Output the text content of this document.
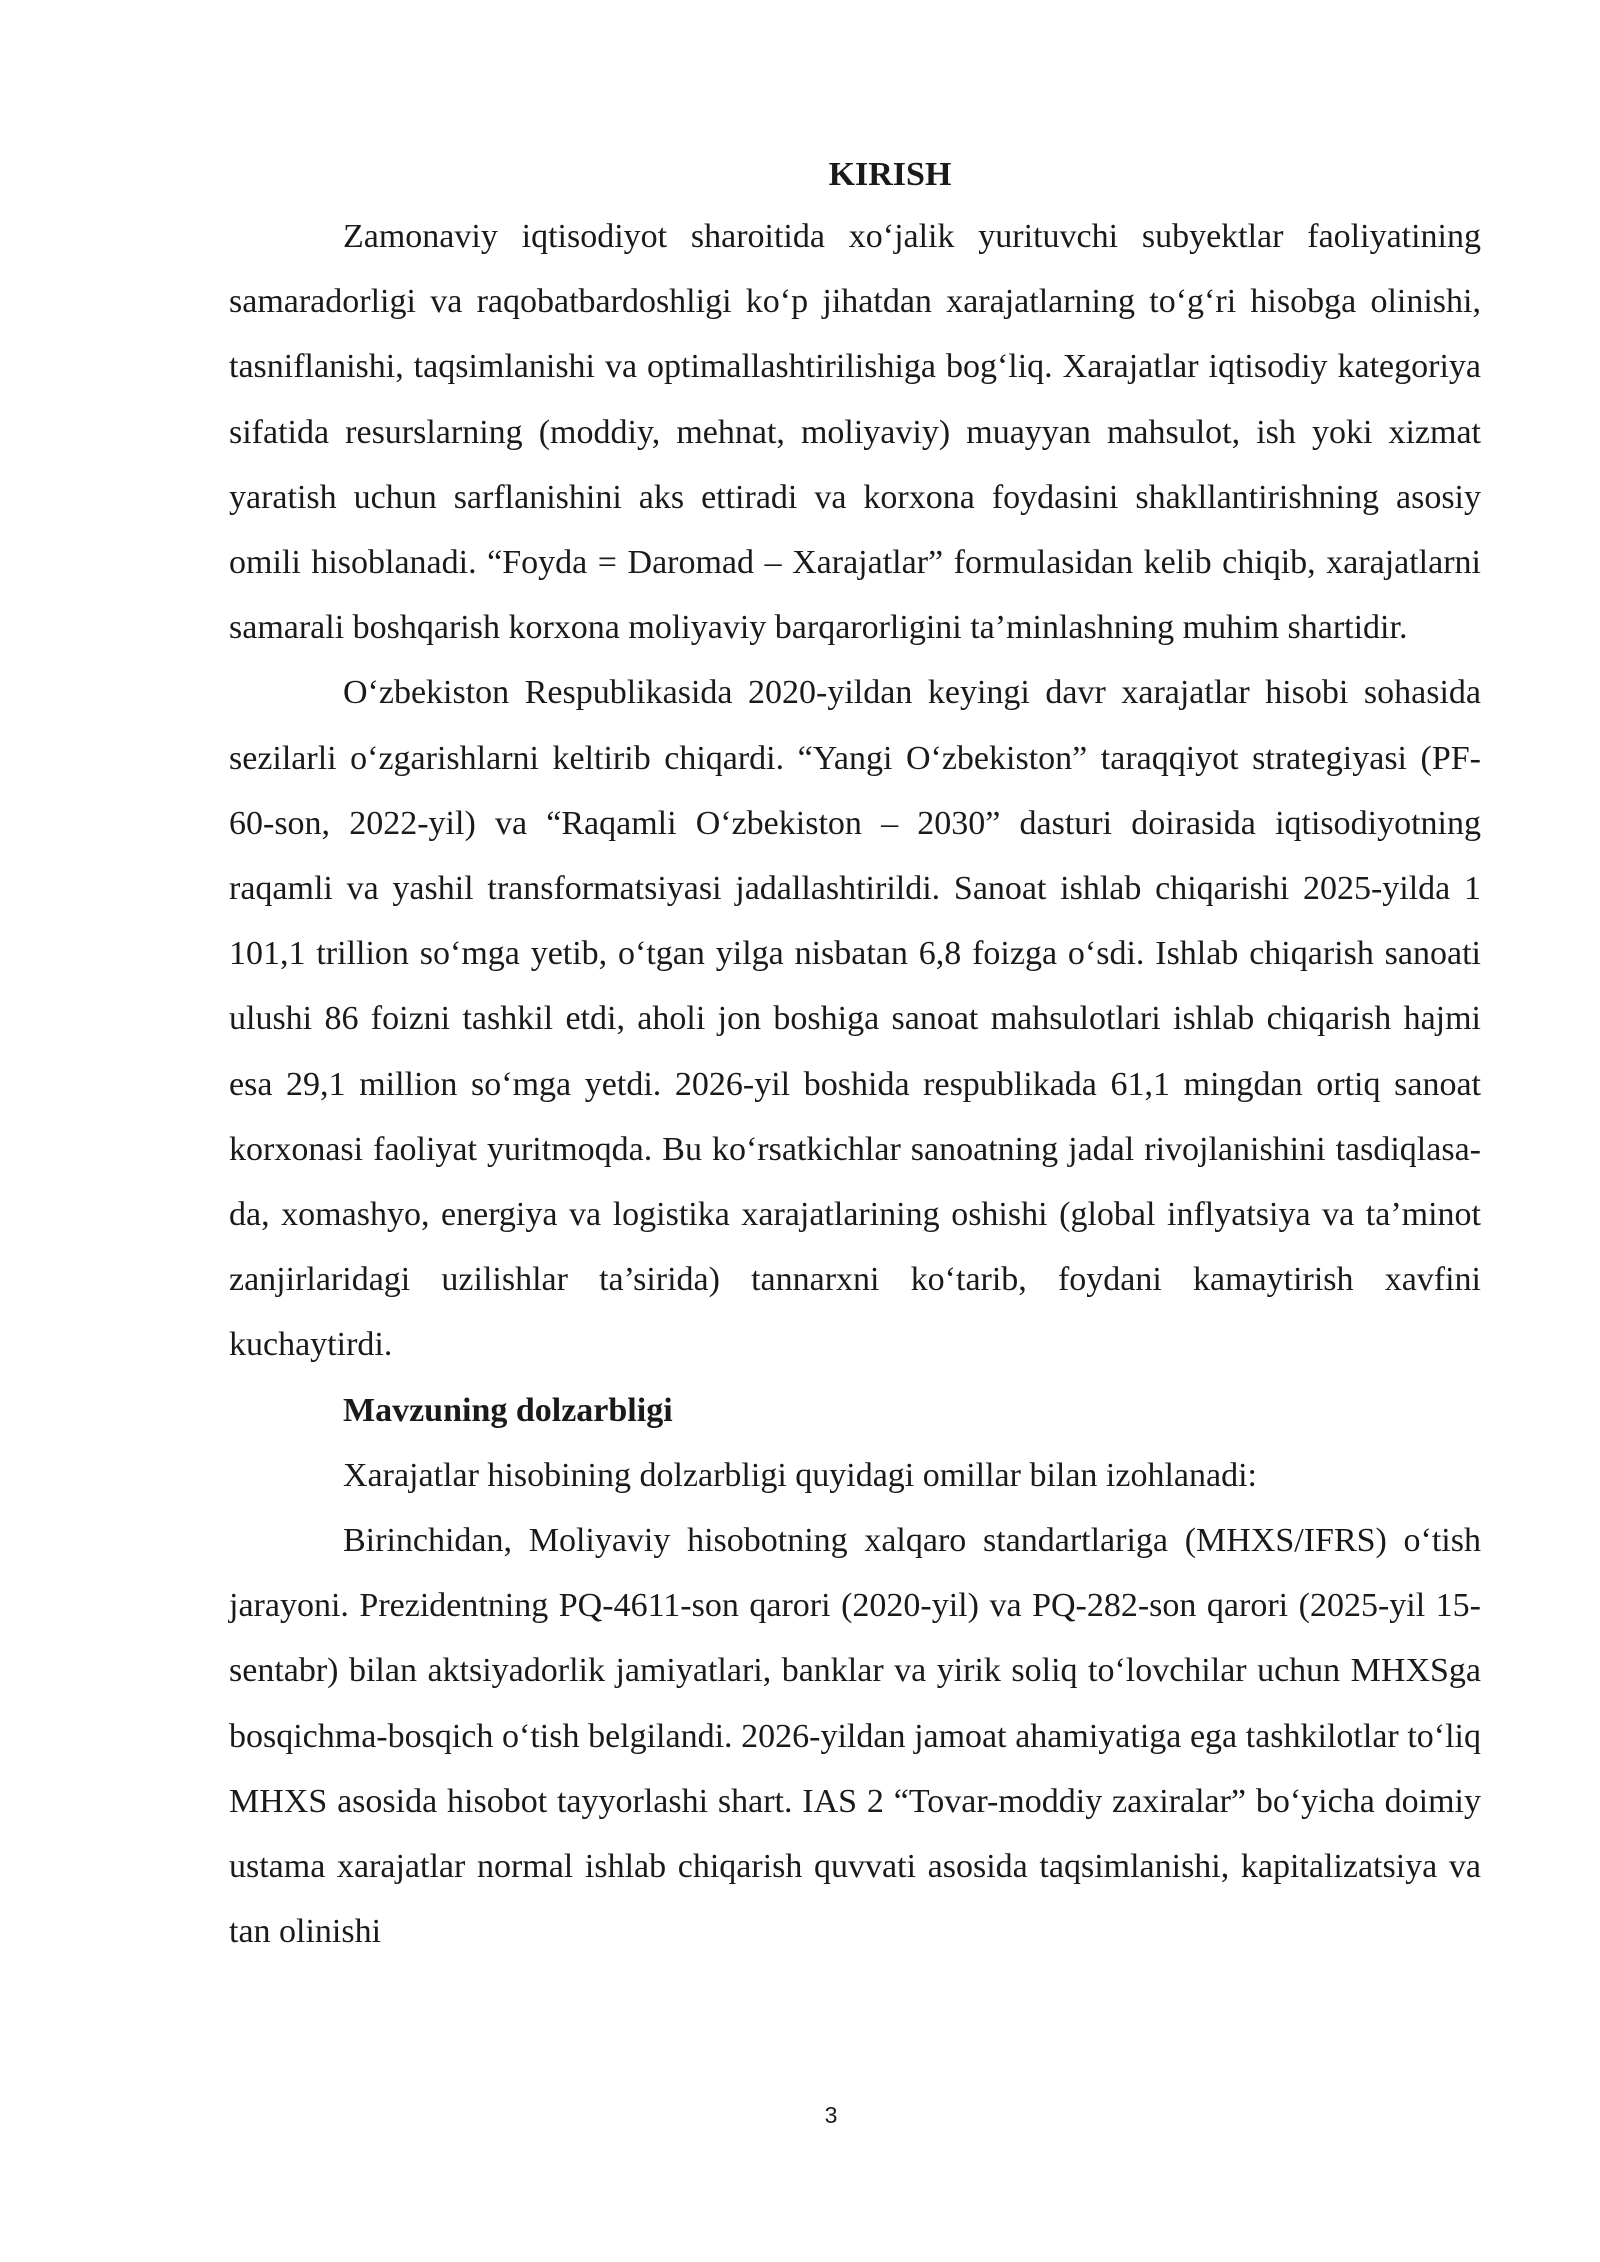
KIRISH

Zamonaviy iqtisodiyot sharoitida xo‘jalik yurituvchi subyektlar faoliyatining samaradorligi va raqobatbardoshligi ko‘p jihatdan xarajatlarning to‘g‘ri hisobga olinishi, tasniflanishi, taqsimlanishi va optimallashtirilishiga bog‘liq. Xarajatlar iqtisodiy kategoriya sifatida resurslarning (moddiy, mehnat, moliyaviy) muayyan mahsulot, ish yoki xizmat yaratish uchun sarflanishini aks ettiradi va korxona foydasini shakllantirishning asosiy omili hisoblanadi. “Foyda = Daromad – Xarajatlar” formulasidan kelib chiqib, xarajatlarni samarali boshqarish korxona moliyaviy barqarorligini ta’minlashning muhim shartidir.

O‘zbekiston Respublikasida 2020-yildan keyingi davr xarajatlar hisobi sohasida sezilarli o‘zgarishlarni keltirib chiqardi. “Yangi O‘zbekiston” taraqqiyot strategiyasi (PF-60-son, 2022-yil) va “Raqamli O‘zbekiston – 2030” dasturi doirasida iqtisodiyotning raqamli va yashil transformatsiyasi jadallashtirildi. Sanoat ishlab chiqarishi 2025-yilda 1 101,1 trillion so‘mga yetib, o‘tgan yilga nisbatan 6,8 foizga o‘sdi. Ishlab chiqarish sanoati ulushi 86 foizni tashkil etdi, aholi jon boshiga sanoat mahsulotlari ishlab chiqarish hajmi esa 29,1 million so‘mga yetdi. 2026-yil boshida respublikada 61,1 mingdan ortiq sanoat korxonasi faoliyat yuritmoqda. Bu ko‘rsatkichlar sanoatning jadal rivojlanishini tasdiqlasa-da, xomashyo, energiya va logistika xarajatlarining oshishi (global inflyatsiya va ta’minot zanjirlaridagi uzilishlar ta’sirida) tannarxni ko‘tarib, foydani kamaytirish xavfini kuchaytirdi.

Mavzuning dolzarbligi

Xarajatlar hisobining dolzarbligi quyidagi omillar bilan izohlanadi:

Birinchidan, Moliyaviy hisobotning xalqaro standartlariga (MHXS/IFRS) o‘tish jarayoni. Prezidentning PQ-4611-son qarori (2020-yil) va PQ-282-son qarori (2025-yil 15-sentabr) bilan aktsiyadorlik jamiyatlari, banklar va yirik soliq to‘lovchilar uchun MHXSga bosqichma-bosqich o‘tish belgilandi. 2026-yildan jamoat ahamiyatiga ega tashkilotlar to‘liq MHXS asosida hisobot tayyorlashi shart. IAS 2 “Tovar-moddiy zaxiralar” bo‘yicha doimiy ustama xarajatlar normal ishlab chiqarish quvvati asosida taqsimlanishi, kapitalizatsiya va tan olinishi

3
